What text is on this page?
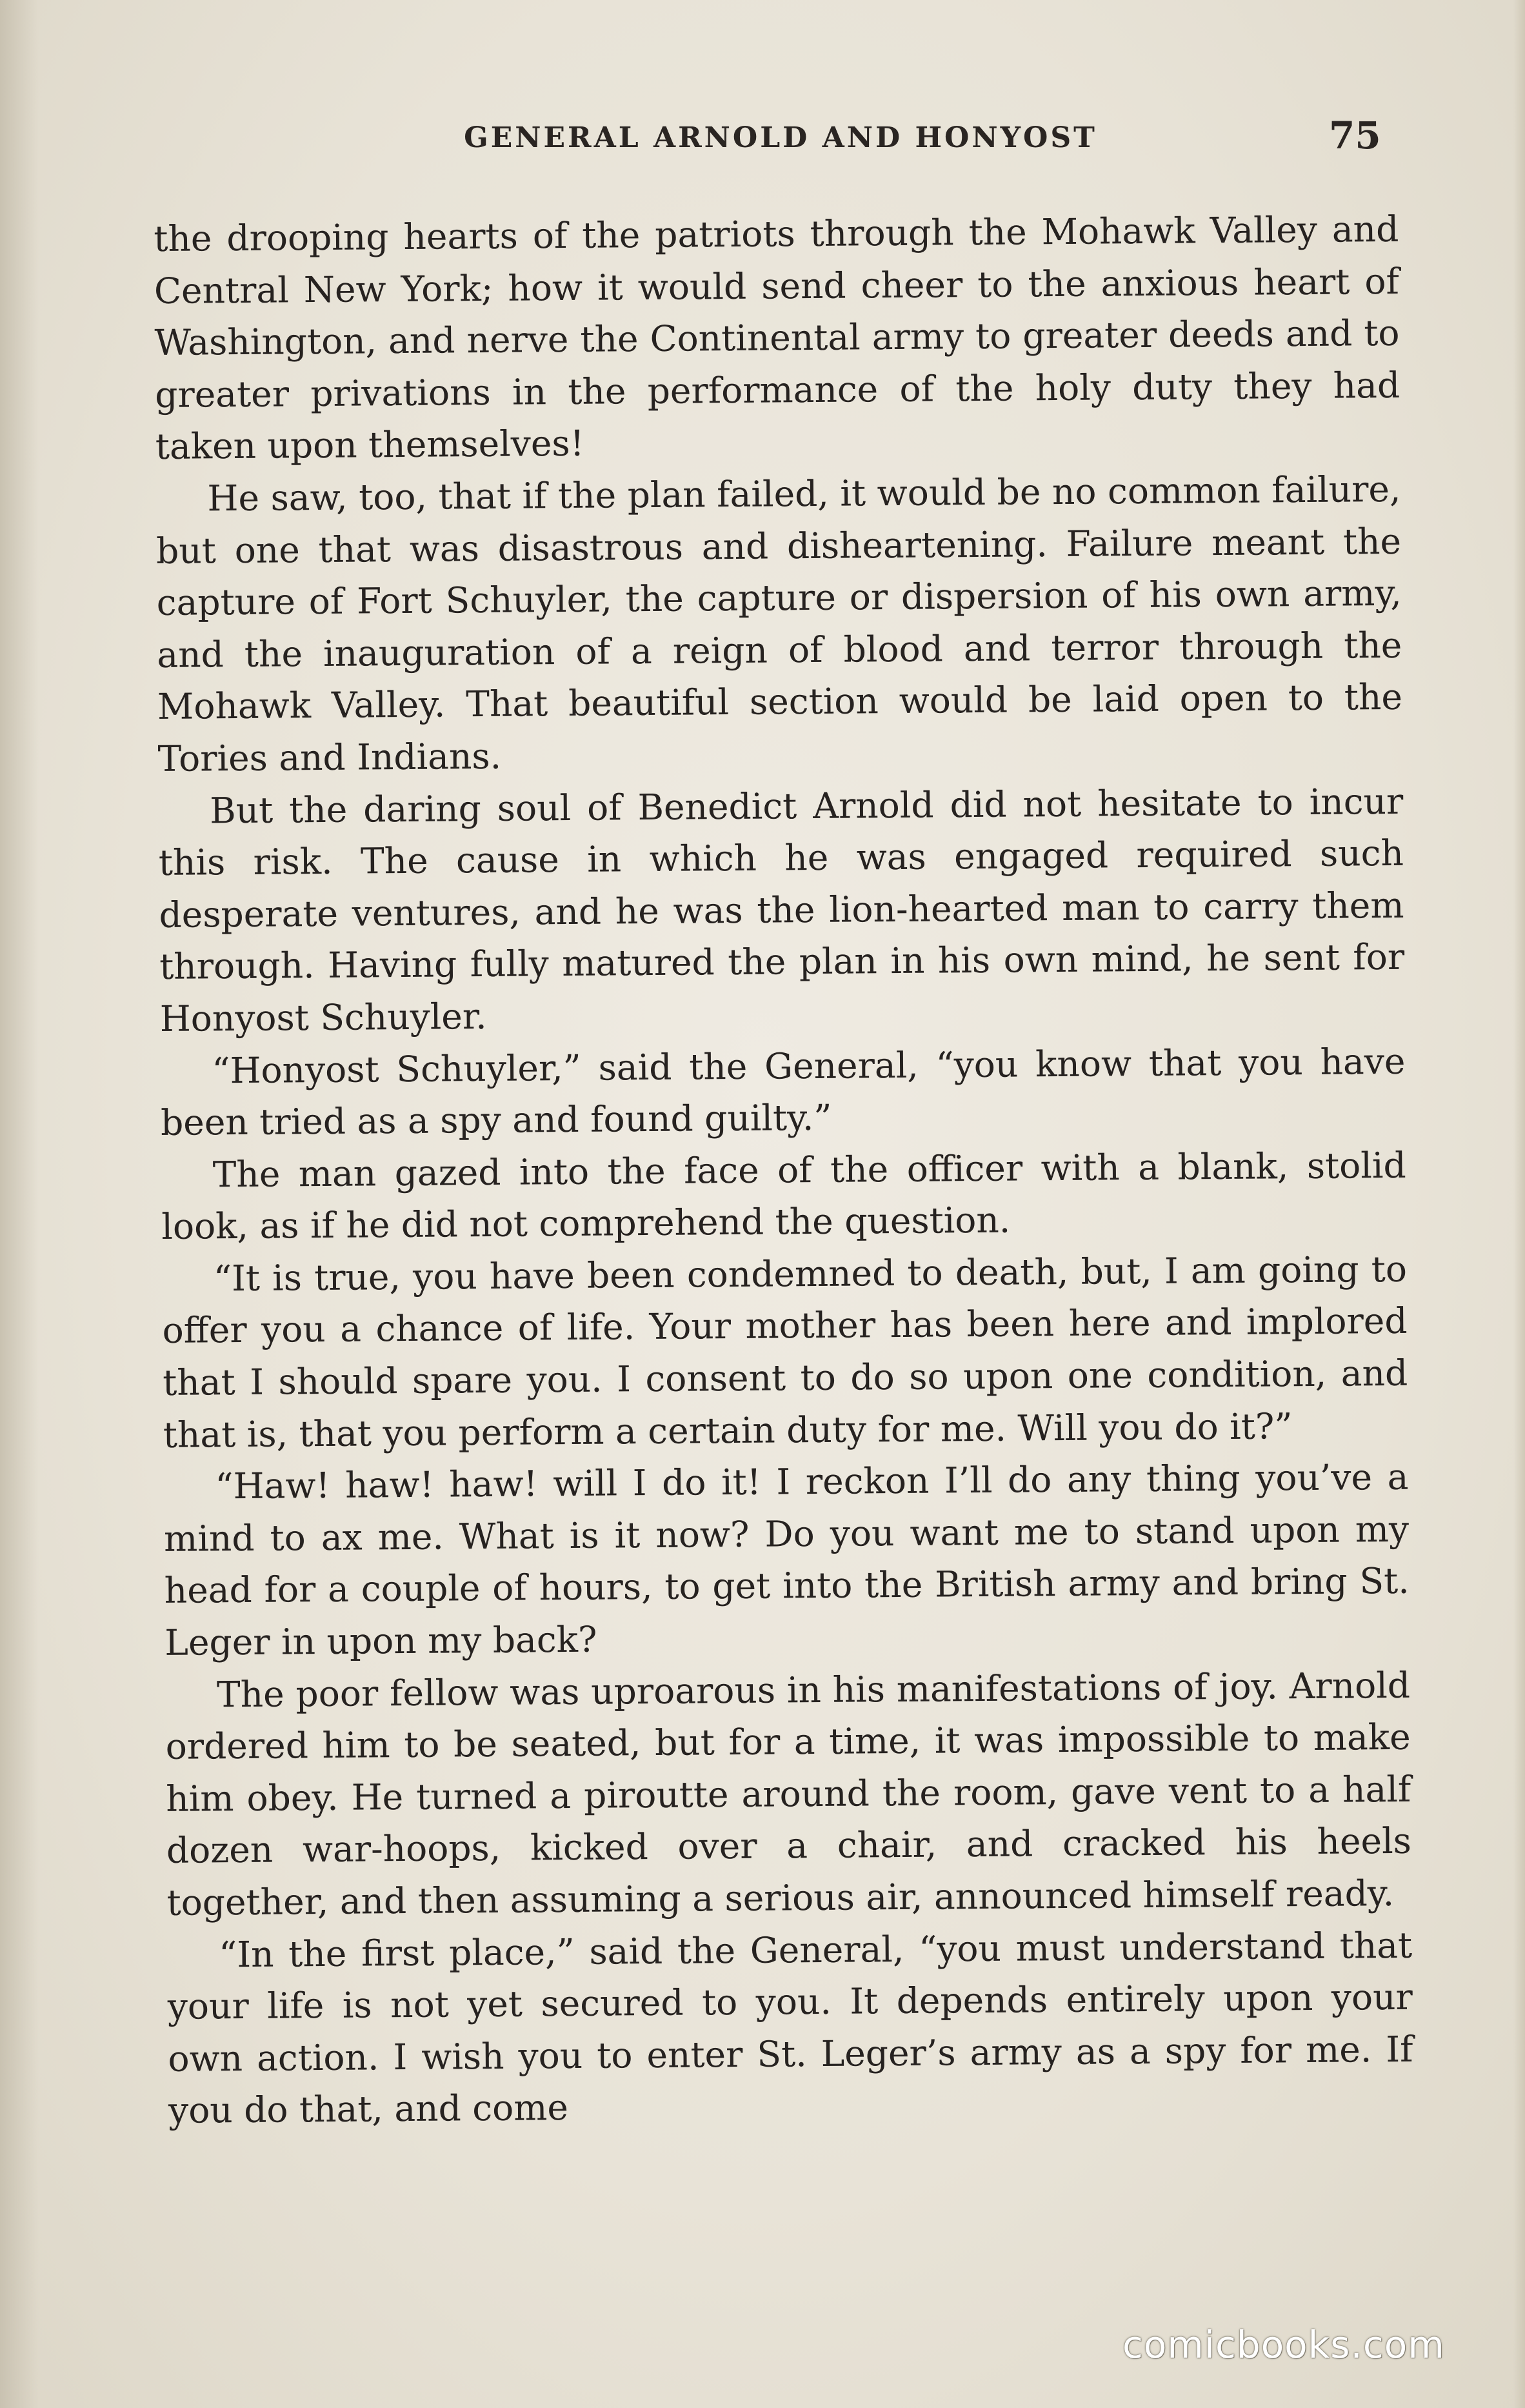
GENERAL ARNOLD AND HONYOST	75

the drooping hearts of the patriots through the Mohawk Valley and Central New York; how it would send cheer to the anxious heart of Washington, and nerve the Continental army to greater deeds and to greater privations in the performance of the holy duty they had taken upon themselves!

He saw, too, that if the plan failed, it would be no common failure, but one that was disastrous and disheartening. Failure meant the capture of Fort Schuyler, the capture or dispersion of his own army, and the inauguration of a reign of blood and terror through the Mohawk Valley. That beautiful section would be laid open to the Tories and Indians.

But the daring soul of Benedict Arnold did not hesitate to incur this risk. The cause in which he was engaged required such desperate ventures, and he was the lion-hearted man to carry them through. Having fully matured the plan in his own mind, he sent for Honyost Schuyler.

“Honyost Schuyler,” said the General, “you know that you have been tried as a spy and found guilty.”

The man gazed into the face of the officer with a blank, stolid look, as if he did not comprehend the question.

“It is true, you have been condemned to death, but, I am going to offer you a chance of life. Your mother has been here and implored that I should spare you. I consent to do so upon one condition, and that is, that you perform a certain duty for me. Will you do it?”

“Haw! haw! haw! will I do it! I reckon I’ll do any thing you’ve a mind to ax me. What is it now? Do you want me to stand upon my head for a couple of hours, to get into the British army and bring St. Leger in upon my back?

The poor fellow was uproarous in his manifestations of joy. Arnold ordered him to be seated, but for a time, it was impossible to make him obey. He turned a piroutte around the room, gave vent to a half dozen war-hoops, kicked over a chair, and cracked his heels together, and then assuming a serious air, announced himself ready.

“In the first place,” said the General, “you must understand that your life is not yet secured to you. It depends entirely upon your own action. I wish you to enter St. Leger’s army as a spy for me. If you do that, and come

comicbooks.com
